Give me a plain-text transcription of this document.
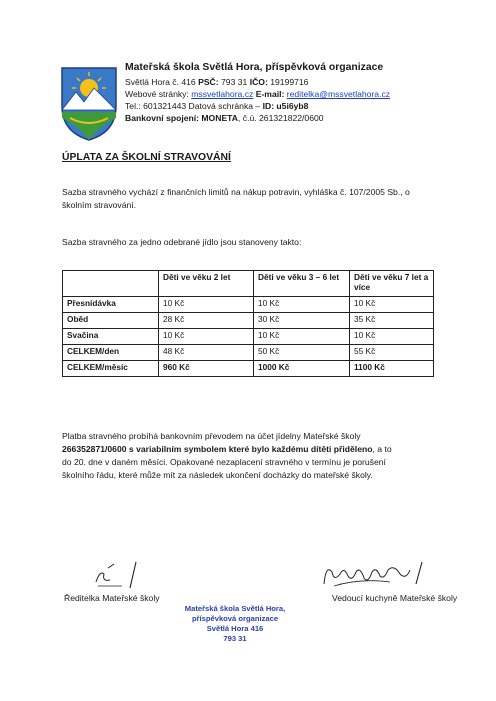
Mateřská škola Světlá Hora, příspěvková organizace
Světlá Hora č. 416 PSČ: 793 31 IČO: 19199716
Webové stránky: mssvetlahora.cz E-mail: reditelka@mssvetlahora.cz
Tel.: 601321443 Datová schránka – ID: u5i6yb8
Bankovní spojení: MONETA, č.ú. 261321822/0600
ÚPLATA ZA ŠKOLNÍ STRAVOVÁNÍ
Sazba stravného vychází z finančních limitů na nákup potravin, vyhláška č. 107/2005 Sb., o
školním stravování.
Sazba stravného za jedno odebrané jídlo jsou stanoveny takto:
	Děti ve věku 2 let	Děti ve věku 3 – 6 let	Děti ve věku 7 let a více
Přesnídávka	10 Kč	10 Kč	10 Kč
Oběd	28 Kč	30 Kč	35 Kč
Svačina	10 Kč	10 Kč	10 Kč
CELKEM/den	48 Kč	50 Kč	55 Kč
CELKEM/měsíc	960 Kč	1000 Kč	1100 Kč
Platba stravného probíhá bankovním převodem na účet jídelny Mateřské školy
266352871/0600 s variabilním symbolem které bylo každému dítěti přiděleno, a to
do 20. dne v daném měsíci. Opakované nezaplacení stravného v termínu je porušení
školního řádu, které může mít za následek ukončení docházky do mateřské školy.
Ředitelka Mateřské školy	Vedoucí kuchyně Mateřské školy
Mateřská škola Světlá Hora,
příspěvková organizace
Světlá Hora 416
793 31
